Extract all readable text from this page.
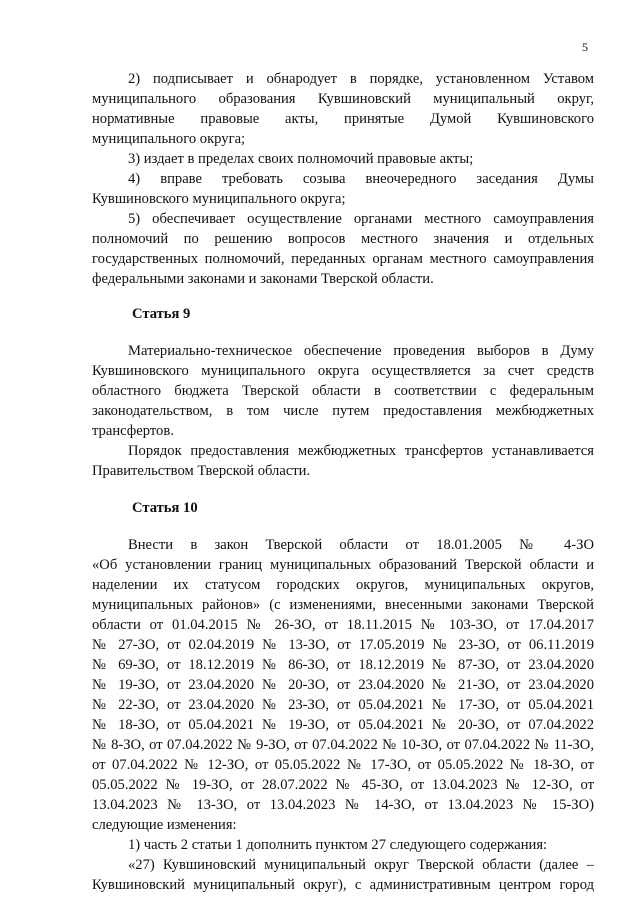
5
2) подписывает и обнародует в порядке, установленном Уставом
муниципального образования Кувшиновский муниципальный округ,
нормативные правовые акты, принятые Думой Кувшиновского
муниципального округа;
3) издает в пределах своих полномочий правовые акты;
4) вправе требовать созыва внеочередного заседания Думы
Кувшиновского муниципального округа;
5) обеспечивает осуществление органами местного самоуправления
полномочий по решению вопросов местного значения и отдельных
государственных полномочий, переданных органам местного самоуправления
федеральными законами и законами Тверской области.
Статья 9
Материально-техническое обеспечение проведения выборов в Думу
Кувшиновского муниципального округа осуществляется за счет средств
областного бюджета Тверской области в соответствии с федеральным
законодательством, в том числе путем предоставления межбюджетных
трансфертов.
Порядок предоставления межбюджетных трансфертов устанавливается
Правительством Тверской области.
Статья 10
Внести в закон Тверской области от 18.01.2005 № 4-ЗО
«Об установлении границ муниципальных образований Тверской области и
наделении их статусом городских округов, муниципальных округов,
муниципальных районов» (с изменениями, внесенными законами Тверской
области от 01.04.2015 № 26-ЗО, от 18.11.2015 № 103-ЗО, от 17.04.2017
№ 27-ЗО, от 02.04.2019 № 13-ЗО, от 17.05.2019 № 23-ЗО, от 06.11.2019
№ 69-ЗО, от 18.12.2019 № 86-ЗО, от 18.12.2019 № 87-ЗО, от 23.04.2020
№ 19-ЗО, от 23.04.2020 № 20-ЗО, от 23.04.2020 № 21-ЗО, от 23.04.2020
№ 22-ЗО, от 23.04.2020 № 23-ЗО, от 05.04.2021 № 17-ЗО, от 05.04.2021
№ 18-ЗО, от 05.04.2021 № 19-ЗО, от 05.04.2021 № 20-ЗО, от 07.04.2022
№ 8-ЗО, от 07.04.2022 № 9-ЗО, от 07.04.2022 № 10-ЗО, от 07.04.2022 № 11-ЗО,
от 07.04.2022 № 12-ЗО, от 05.05.2022 № 17-ЗО, от 05.05.2022 № 18-ЗО, от
05.05.2022 № 19-ЗО, от 28.07.2022 № 45-ЗО, от 13.04.2023 № 12-ЗО, от
13.04.2023 № 13-ЗО, от 13.04.2023 № 14-ЗО, от 13.04.2023 № 15-ЗО)
следующие изменения:
1) часть 2 статьи 1 дополнить пунктом 27 следующего содержания:
«27) Кувшиновский муниципальный округ Тверской области (далее –
Кувшиновский муниципальный округ), с административным центром город
